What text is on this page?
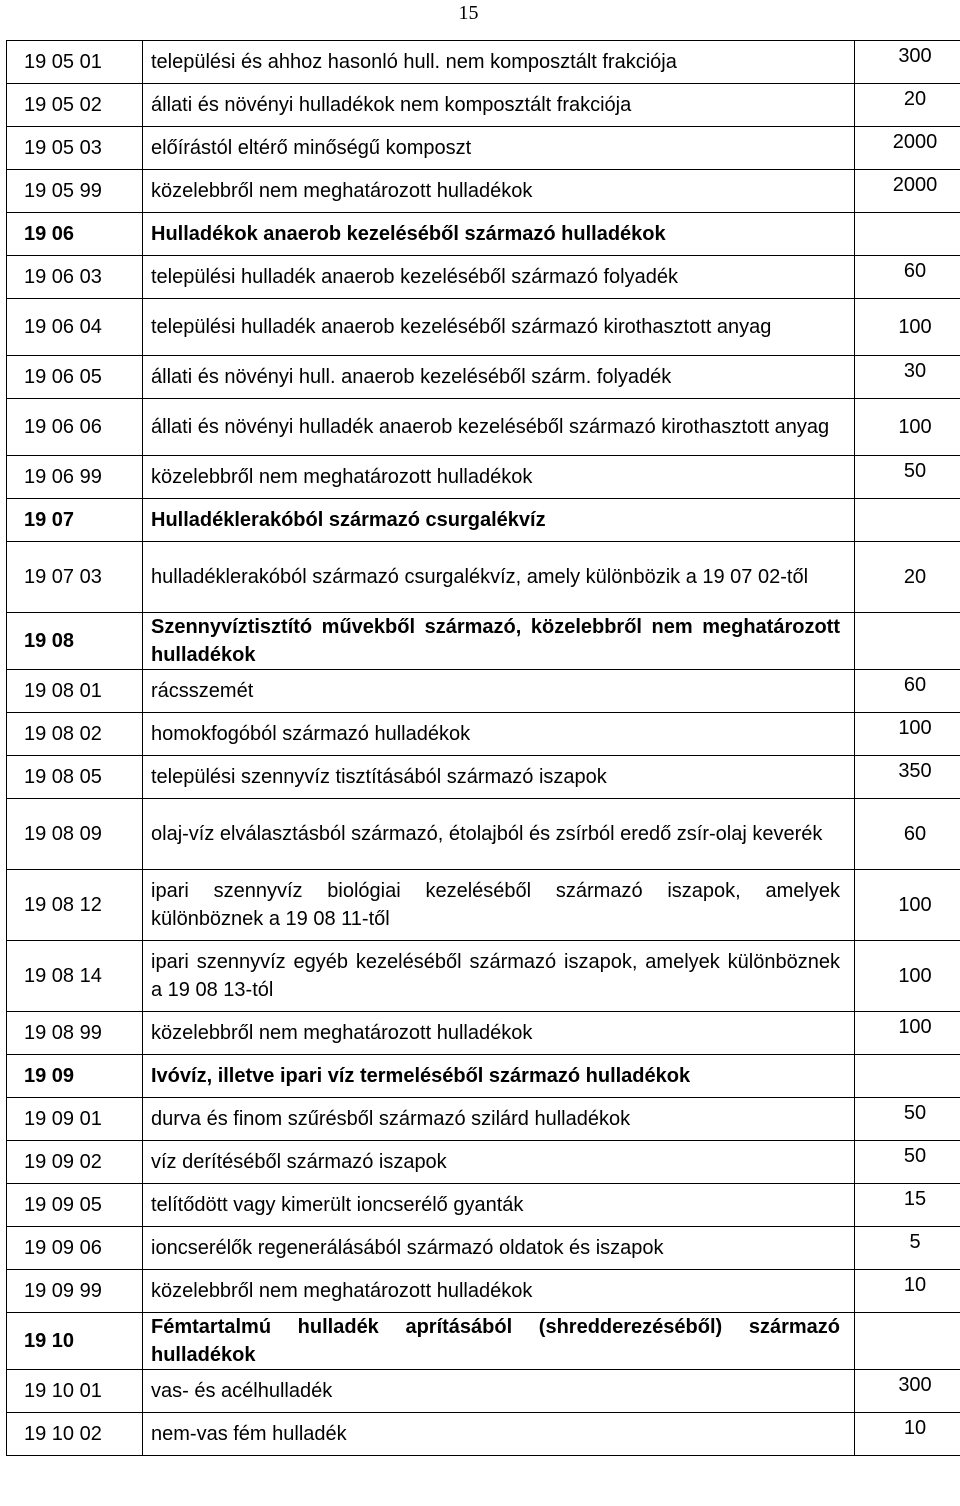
15
19 05 01	települési és ahhoz hasonló hull. nem komposztált frakciója	300
19 05 02	állati és növényi hulladékok nem komposztált frakciója	20
19 05 03	előírástól eltérő minőségű komposzt	2000
19 05 99	közelebbről nem meghatározott hulladékok	2000
19 06	Hulladékok anaerob kezeléséből származó hulladékok	
19 06 03	települési hulladék anaerob kezeléséből származó folyadék	60
19 06 04	települési hulladék anaerob kezeléséből származó kirothasztott anyag	100
19 06 05	állati és növényi hull. anaerob kezeléséből szárm. folyadék	30
19 06 06	állati és növényi hulladék anaerob kezeléséből származó kirothasztott anyag	100
19 06 99	közelebbről nem meghatározott hulladékok	50
19 07	Hulladéklerakóból származó csurgalékvíz	
19 07 03	hulladéklerakóból származó csurgalékvíz, amely különbözik a 19 07 02-től	20
19 08	Szennyvíztisztító művekből származó, közelebbről nem meghatározott hulladékok	
19 08 01	rácsszemét	60
19 08 02	homokfogóból származó hulladékok	100
19 08 05	települési szennyvíz tisztításából származó iszapok	350
19 08 09	olaj-víz elválasztásból származó, étolajból és zsírból eredő zsír-olaj keverék	60
19 08 12	ipari szennyvíz biológiai kezeléséből származó iszapok, amelyek különböznek a 19 08 11-től	100
19 08 14	ipari szennyvíz egyéb kezeléséből származó iszapok, amelyek különböznek a 19 08 13-tól	100
19 08 99	közelebbről nem meghatározott hulladékok	100
19 09	Ivóvíz, illetve ipari víz termeléséből származó hulladékok	
19 09 01	durva és finom szűrésből származó szilárd hulladékok	50
19 09 02	víz derítéséből származó iszapok	50
19 09 05	telítődött vagy kimerült ioncserélő gyanták	15
19 09 06	ioncserélők regenerálásából származó oldatok és iszapok	5
19 09 99	közelebbről nem meghatározott hulladékok	10
19 10	Fémtartalmú hulladék aprításából (shredderezéséből) származó hulladékok	
19 10 01	vas- és acélhulladék	300
19 10 02	nem-vas fém hulladék	10
